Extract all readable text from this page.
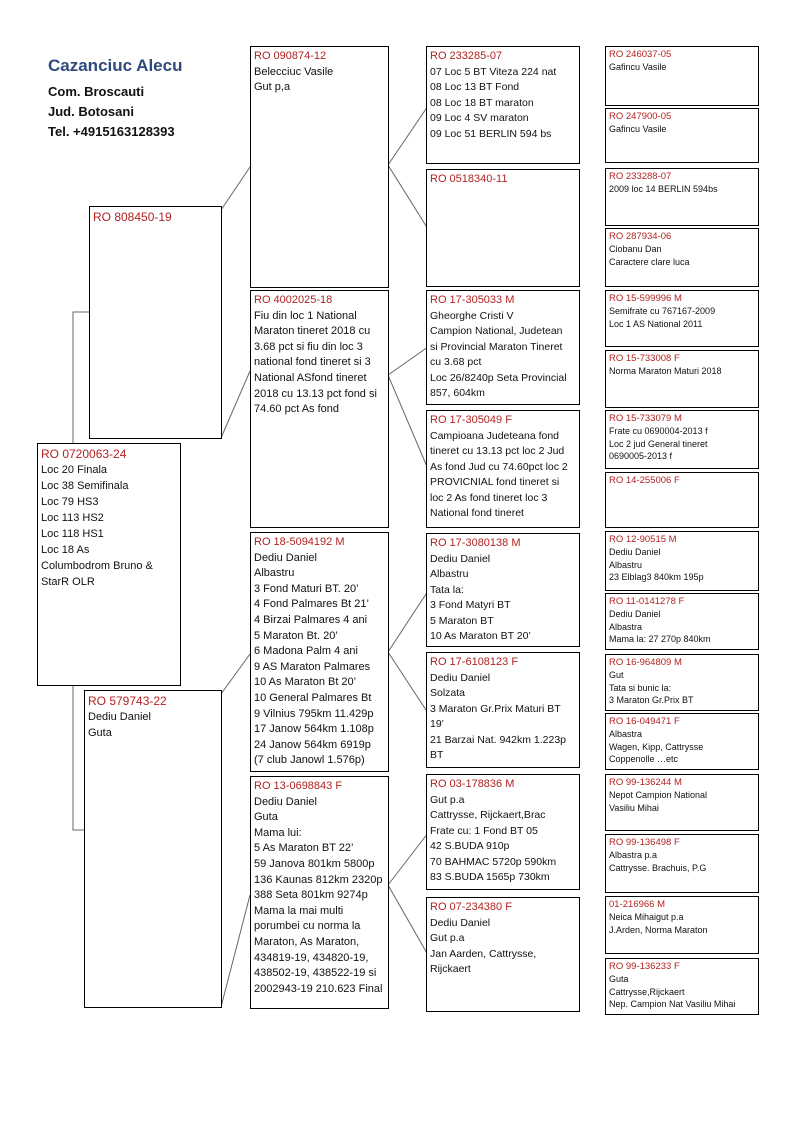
Cazanciuc Alecu
Com. Broscauti
Jud. Botosani
Tel. +4915163128393
RO 0720063-24
Loc 20 Finala
Loc 38 Semifinala
Loc 79 HS3
Loc 113 HS2
Loc 118 HS1
Loc 18 As
Columbodrom Bruno &
StarR OLR
RO 808450-19
RO 579743-22
Dediu Daniel
Guta
RO 090874-12
Belecciuc Vasile
Gut p,a
RO 4002025-18
Fiu din loc 1 National
Maraton tineret 2018 cu
3.68 pct si fiu din loc 3
national fond tineret si 3
National ASfond tineret
2018 cu 13.13 pct fond si
74.60 pct As fond
RO 18-5094192 M
Dediu Daniel
Albastru
3 Fond Maturi BT. 20’
4 Fond Palmares Bt 21’
4 Birzai Palmares 4 ani
5 Maraton Bt. 20’
6 Madona Palm 4 ani
9 AS Maraton Palmares
10 As Maraton Bt 20’
10 General Palmares Bt
9 Vilnius 795km 11.429p
17 Janow 564km 1.108p
24 Janow 564km 6919p
(7 club Janowl 1.576p)
RO 13-0698843 F
Dediu Daniel
Guta
Mama lui:
5 As Maraton BT 22’
59 Janova 801km 5800p
136 Kaunas 812km 2320p
388 Seta 801km 9274p
Mama la mai multi
porumbei cu norma la
Maraton, As Maraton,
434819-19, 434820-19,
438502-19, 438522-19 si
2002943-19 210.623 Final
RO 233285-07
07 Loc 5 BT Viteza 224 nat
08 Loc 13 BT Fond
08 Loc 18 BT maraton
09 Loc 4 SV maraton
09 Loc 51 BERLIN 594 bs
RO 0518340-11
RO 17-305033 M
Gheorghe Cristi V
Campion National, Judetean
si Provincial Maraton Tineret
cu 3.68 pct
Loc 26/8240p Seta Provincial
857, 604km
RO 17-305049 F
Campioana Judeteana fond
tineret cu 13.13 pct loc 2 Jud
As fond Jud cu 74.60pct loc 2
PROVICNIAL fond tineret si
loc 2 As fond tineret loc 3
National fond tineret
RO 17-3080138 M
Dediu Daniel
Albastru
Tata la:
3 Fond Matyri BT
5 Maraton BT
10 As Maraton BT 20’
RO 17-6108123 F
Dediu Daniel
Solzata
3 Maraton Gr.Prix Maturi BT
19’
21 Barzai Nat. 942km 1.223p
BT
RO 03-178836 M
Gut p.a
Cattrysse, Rijckaert,Brac
Frate cu: 1 Fond BT 05
42 S.BUDA 910p
70 BAHMAC 5720p 590km
83 S.BUDA 1565p 730km
RO 07-234380 F
Dediu Daniel
Gut p.a
Jan Aarden, Cattrysse,
Rijckaert
RO 246037-05
Gafincu Vasile
RO 247900-05
Gafincu Vasile
RO 233288-07
2009 loc 14 BERLIN 594bs
RO 287934-06
Ciobanu Dan
Caractere clare luca
RO 15-599996 M
Semifrate cu 767167-2009
Loc 1 AS National 2011
RO 15-733008 F
Norma Maraton Maturi 2018
RO 15-733079 M
Frate cu 0690004-2013 f
Loc 2 jud General tineret
0690005-2013 f
RO 14-255006 F
RO 12-90515 M
Dediu Daniel
Albastru
23 Elblag3 840km 195p
RO 11-0141278 F
Dediu Daniel
Albastra
Mama la: 27 270p 840km
RO 16-964809 M
Gut
Tata si bunic la:
3 Maraton Gr.Prix BT
RO 16-049471 F
Albastra
Wagen, Kipp, Cattrysse
Coppenolle …etc
RO 99-136244 M
Nepot Campion National
Vasiliu Mihai
RO 99-136498 F
Albastra p.a
Cattrysse. Brachuis, P.G
01-216966 M
Neica Mihaigut p.a
J.Arden, Norma Maraton
RO 99-136233 F
Guta
Cattrysse,Rijckaert
Nep. Campion Nat Vasiliu Mihai
